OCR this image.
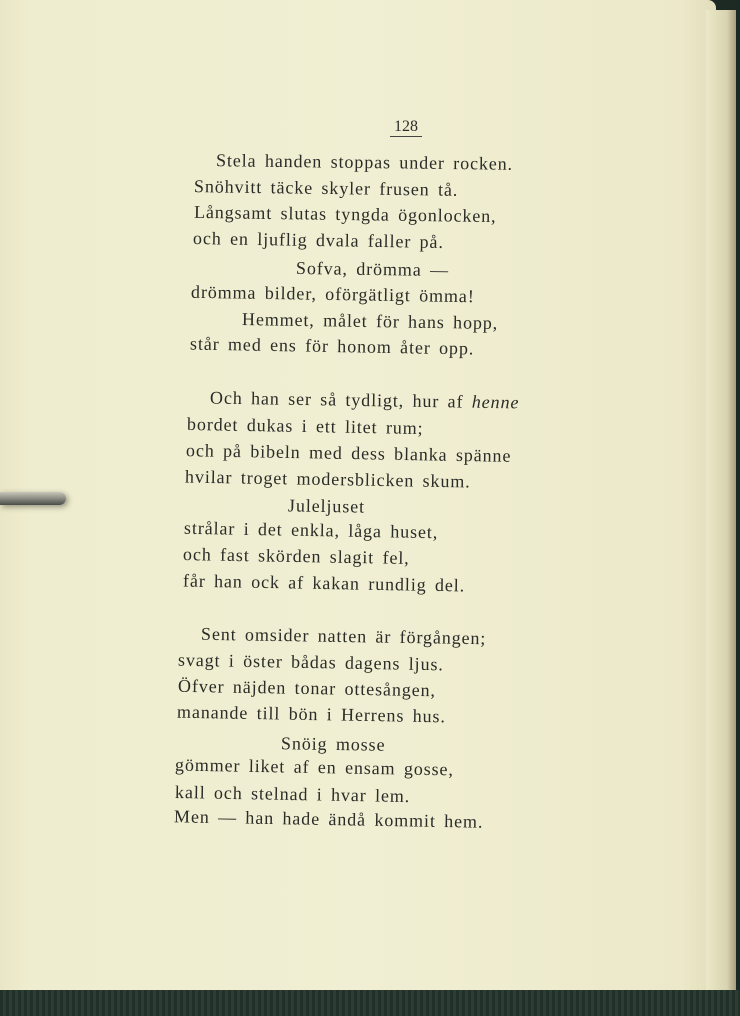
128
Stela handen stoppas under rocken.
Snöhvitt täcke skyler frusen tå.
Långsamt slutas tyngda ögonlocken,
och en ljuflig dvala faller på.
Sofva, drömma —
drömma bilder, oförgätligt ömma!
Hemmet, målet för hans hopp,
står med ens för honom åter opp.
Och han ser så tydligt, hur af henne
bordet dukas i ett litet rum;
och på bibeln med dess blanka spänne
hvilar troget modersblicken skum.
Juleljuset
strålar i det enkla, låga huset,
och fast skörden slagit fel,
får han ock af kakan rundlig del.
Sent omsider natten är förgången;
svagt i öster bådas dagens ljus.
Öfver näjden tonar ottesången,
manande till bön i Herrens hus.
Snöig mosse
gömmer liket af en ensam gosse,
kall och stelnad i hvar lem.
Men — han hade ändå kommit hem.
